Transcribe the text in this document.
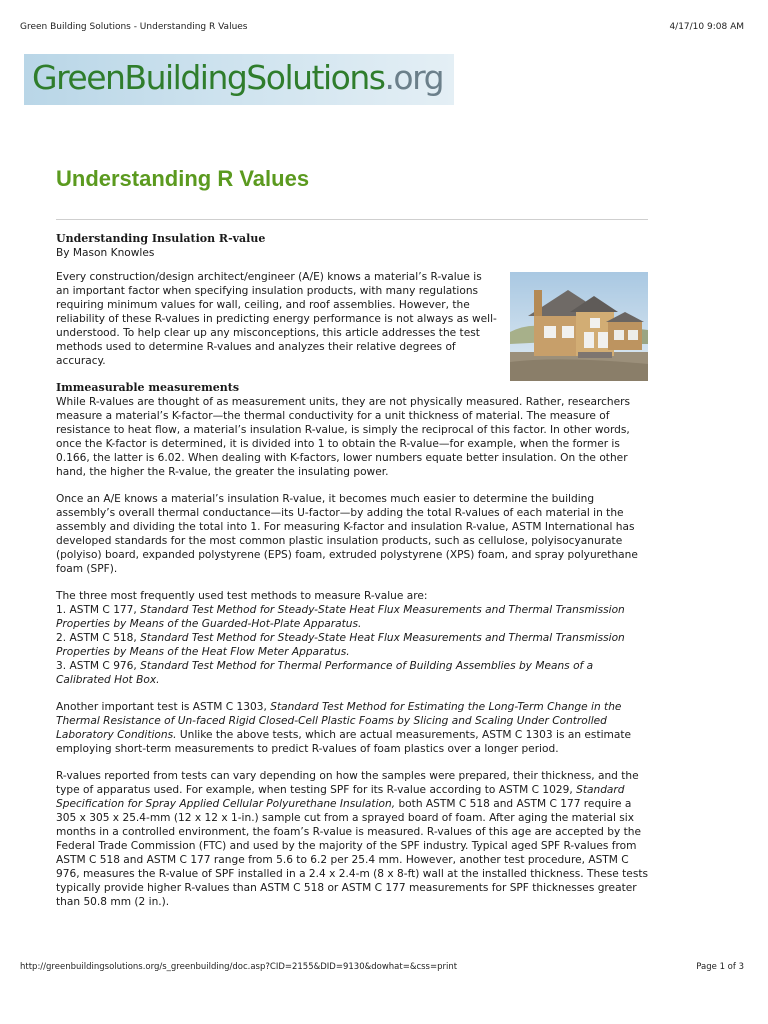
Green Building Solutions - Understanding R Values	4/17/10 9:08 AM
GreenBuildingSolutions.org
Understanding R Values
Understanding Insulation R-value
By Mason Knowles

Every construction/design architect/engineer (A/E) knows a material’s R-value is an important factor when specifying insulation products, with many regulations requiring minimum values for wall, ceiling, and roof assemblies. However, the reliability of these R-values in predicting energy performance is not always as well-understood. To help clear up any misconceptions, this article addresses the test methods used to determine R-values and analyzes their relative degrees of accuracy.

Immeasurable measurements

While R-values are thought of as measurement units, they are not physically measured. Rather, researchers measure a material’s K-factor—the thermal conductivity for a unit thickness of material. The measure of resistance to heat flow, a material’s insulation R-value, is simply the reciprocal of this factor. In other words, once the K-factor is determined, it is divided into 1 to obtain the R-value—for example, when the former is 0.166, the latter is 6.02. When dealing with K-factors, lower numbers equate better insulation. On the other hand, the higher the R-value, the greater the insulating power.

Once an A/E knows a material’s insulation R-value, it becomes much easier to determine the building assembly’s overall thermal conductance—its U-factor—by adding the total R-values of each material in the assembly and dividing the total into 1. For measuring K-factor and insulation R-value, ASTM International has developed standards for the most common plastic insulation products, such as cellulose, polyisocyanurate (polyiso) board, expanded polystyrene (EPS) foam, extruded polystyrene (XPS) foam, and spray polyurethane foam (SPF).

The three most frequently used test methods to measure R-value are:
1. ASTM C 177, Standard Test Method for Steady-State Heat Flux Measurements and Thermal Transmission Properties by Means of the Guarded-Hot-Plate Apparatus.
2. ASTM C 518, Standard Test Method for Steady-State Heat Flux Measurements and Thermal Transmission Properties by Means of the Heat Flow Meter Apparatus.
3. ASTM C 976, Standard Test Method for Thermal Performance of Building Assemblies by Means of a Calibrated Hot Box.

Another important test is ASTM C 1303, Standard Test Method for Estimating the Long-Term Change in the Thermal Resistance of Un-faced Rigid Closed-Cell Plastic Foams by Slicing and Scaling Under Controlled Laboratory Conditions. Unlike the above tests, which are actual measurements, ASTM C 1303 is an estimate employing short-term measurements to predict R-values of foam plastics over a longer period.

R-values reported from tests can vary depending on how the samples were prepared, their thickness, and the type of apparatus used. For example, when testing SPF for its R-value according to ASTM C 1029, Standard Specification for Spray Applied Cellular Polyurethane Insulation, both ASTM C 518 and ASTM C 177 require a 305 x 305 x 25.4-mm (12 x 12 x 1-in.) sample cut from a sprayed board of foam. After aging the material six months in a controlled environment, the foam’s R-value is measured. R-values of this age are accepted by the Federal Trade Commission (FTC) and used by the majority of the SPF industry. Typical aged SPF R-values from ASTM C 518 and ASTM C 177 range from 5.6 to 6.2 per 25.4 mm. However, another test procedure, ASTM C 976, measures the R-value of SPF installed in a 2.4 x 2.4-m (8 x 8-ft) wall at the installed thickness. These tests typically provide higher R-values than ASTM C 518 or ASTM C 177 measurements for SPF thicknesses greater than 50.8 mm (2 in.).

http://greenbuildingsolutions.org/s_greenbuilding/doc.asp?CID=2155&DID=9130&dowhat=&css=print	Page 1 of 3
